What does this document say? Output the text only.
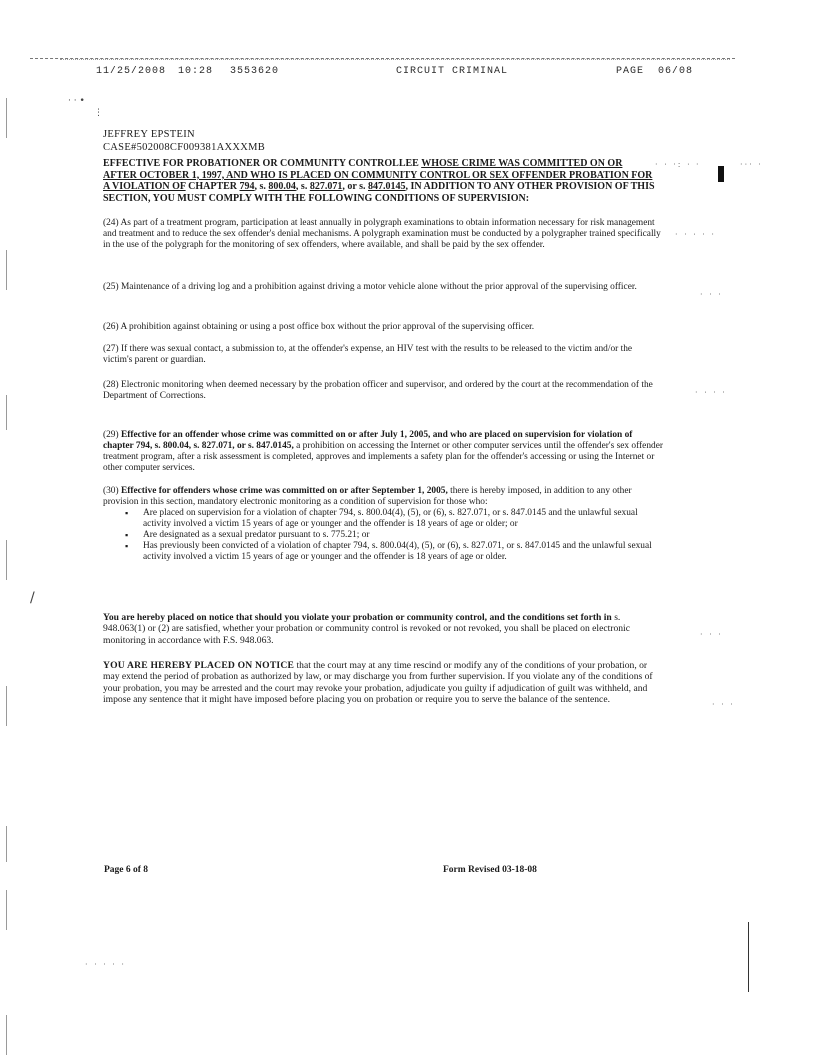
11/25/2008 10:28 3553620	CIRCUIT CRIMINAL	PAGE 06/08
/
· · •
⋮
· ⋅ ·: ⋅ ·	·⋅· ·
· · ⋅ · ·
· · ·
· ⋅ · ·
· · ·
· · ·
· · · · ·
JEFFREY EPSTEIN
CASE#502008CF009381AXXXMB
EFFECTIVE FOR PROBATIONER OR COMMUNITY CONTROLLEE WHOSE CRIME WAS COMMITTED ON OR AFTER OCTOBER 1, 1997, AND WHO IS PLACED ON COMMUNITY CONTROL OR SEX OFFENDER PROBATION FOR A VIOLATION OF CHAPTER 794, s. 800.04, s. 827.071, or s. 847.0145, IN ADDITION TO ANY OTHER PROVISION OF THIS SECTION, YOU MUST COMPLY WITH THE FOLLOWING CONDITIONS OF SUPERVISION:
(24) As part of a treatment program, participation at least annually in polygraph examinations to obtain information necessary for risk management and treatment and to reduce the sex offender's denial mechanisms. A polygraph examination must be conducted by a polygrapher trained specifically in the use of the polygraph for the monitoring of sex offenders, where available, and shall be paid by the sex offender.
(25) Maintenance of a driving log and a prohibition against driving a motor vehicle alone without the prior approval of the supervising officer.
(26) A prohibition against obtaining or using a post office box without the prior approval of the supervising officer.
(27) If there was sexual contact, a submission to, at the offender's expense, an HIV test with the results to be released to the victim and/or the victim's parent or guardian.
(28) Electronic monitoring when deemed necessary by the probation officer and supervisor, and ordered by the court at the recommendation of the Department of Corrections.
(29) Effective for an offender whose crime was committed on or after July 1, 2005, and who are placed on supervision for violation of chapter 794, s. 800.04, s. 827.071, or s. 847.0145, a prohibition on accessing the Internet or other computer services until the offender's sex offender treatment program, after a risk assessment is completed, approves and implements a safety plan for the offender's accessing or using the Internet or other computer services.
(30) Effective for offenders whose crime was committed on or after September 1, 2005, there is hereby imposed, in addition to any other provision in this section, mandatory electronic monitoring as a condition of supervision for those who:
▪ Are placed on supervision for a violation of chapter 794, s. 800.04(4), (5), or (6), s. 827.071, or s. 847.0145 and the unlawful sexual activity involved a victim 15 years of age or younger and the offender is 18 years of age or older; or
▪ Are designated as a sexual predator pursuant to s. 775.21; or
▪ Has previously been convicted of a violation of chapter 794, s. 800.04(4), (5), or (6), s. 827.071, or s. 847.0145 and the unlawful sexual activity involved a victim 15 years of age or younger and the offender is 18 years of age or older.
You are hereby placed on notice that should you violate your probation or community control, and the conditions set forth in s. 948.063(1) or (2) are satisfied, whether your probation or community control is revoked or not revoked, you shall be placed on electronic monitoring in accordance with F.S. 948.063.
YOU ARE HEREBY PLACED ON NOTICE that the court may at any time rescind or modify any of the conditions of your probation, or may extend the period of probation as authorized by law, or may discharge you from further supervision. If you violate any of the conditions of your probation, you may be arrested and the court may revoke your probation, adjudicate you guilty if adjudication of guilt was withheld, and impose any sentence that it might have imposed before placing you on probation or require you to serve the balance of the sentence.
Page 6 of 8	Form Revised 03-18-08
